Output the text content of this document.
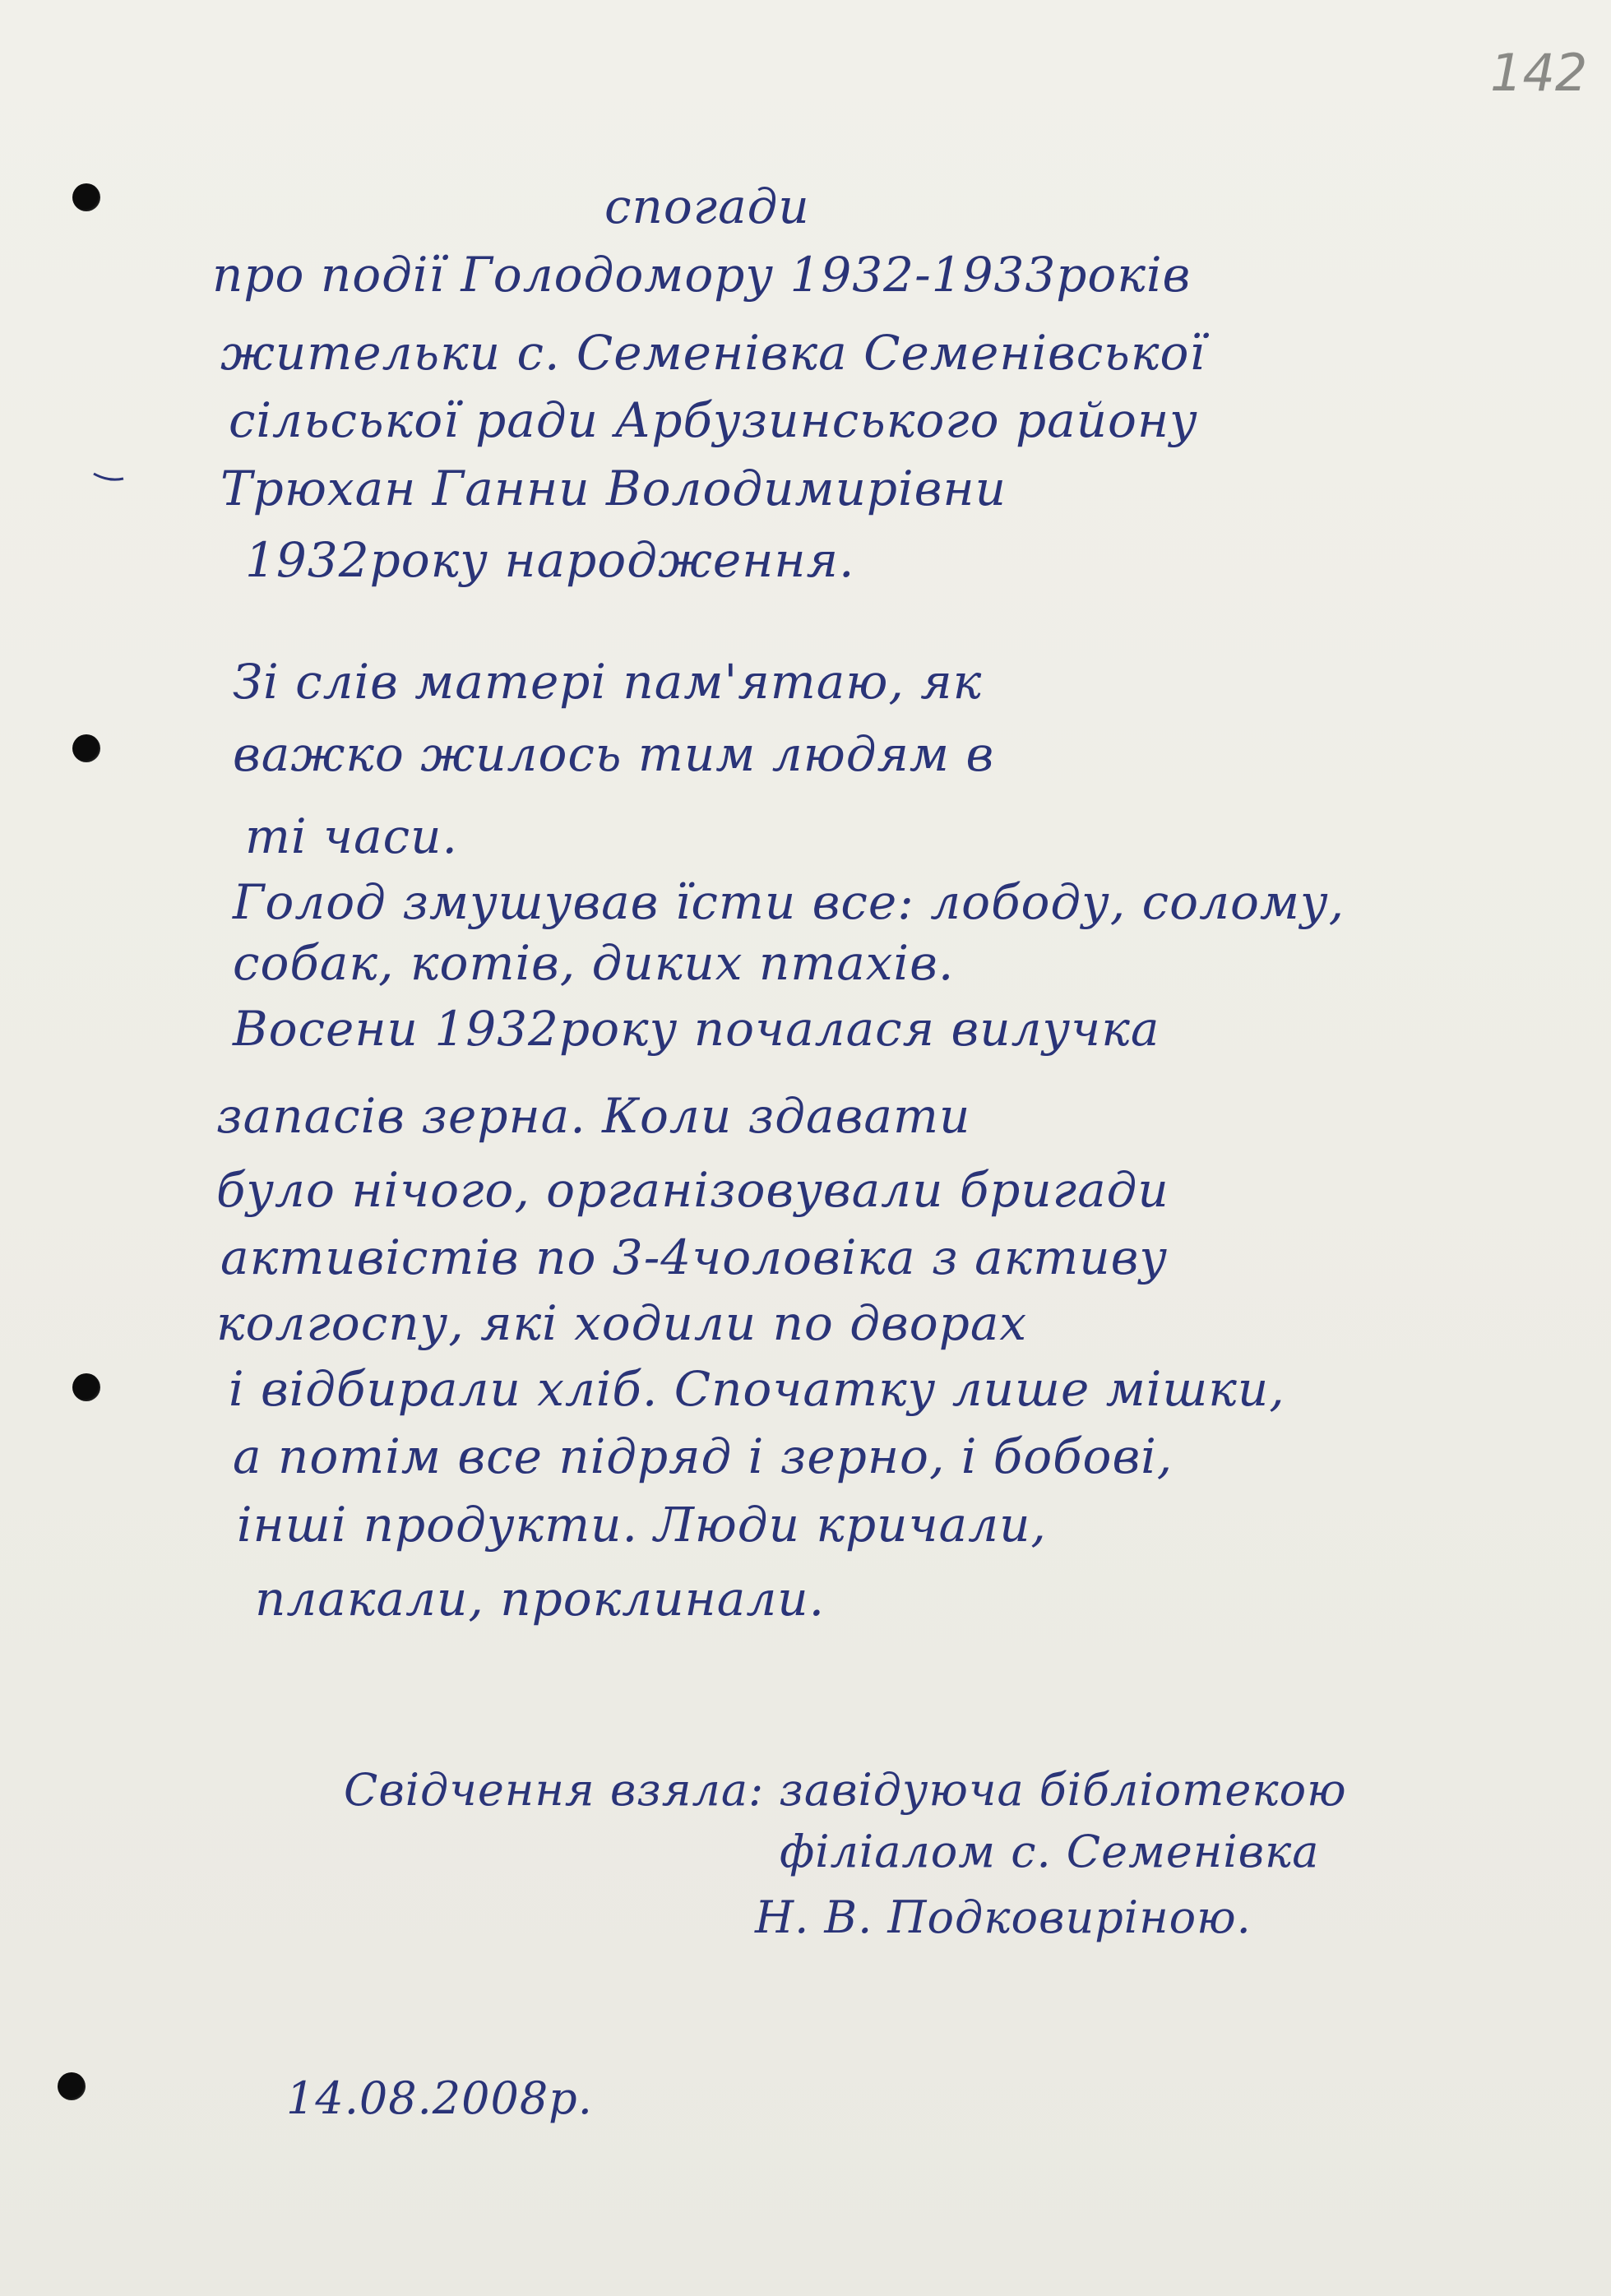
142
спогади
про події Голодомору 1932-1933років
жительки с. Семенівка Семенівської
сільської ради Арбузинського району
Трюхан Ганни Володимирівни
1932року народження.
Зі слів матері пам'ятаю, як
важко жилось тим людям в
ті часи.
Голод змушував їсти все: лободу, солому,
собак, котів, диких птахів.
Восени 1932року почалася вилучка
запасів зерна. Коли здавати
було нічого, організовували бригади
активістів по 3-4чоловіка з активу
колгоспу, які ходили по дворах
і відбирали хліб. Спочатку лише мішки,
а потім все підряд і зерно, і бобові,
інші продукти. Люди кричали,
плакали, проклинали.
Свідчення взяла: завідуюча бібліотекою
філіалом с. Семенівка
Н. В. Подковиріною.
14.08.2008р.
